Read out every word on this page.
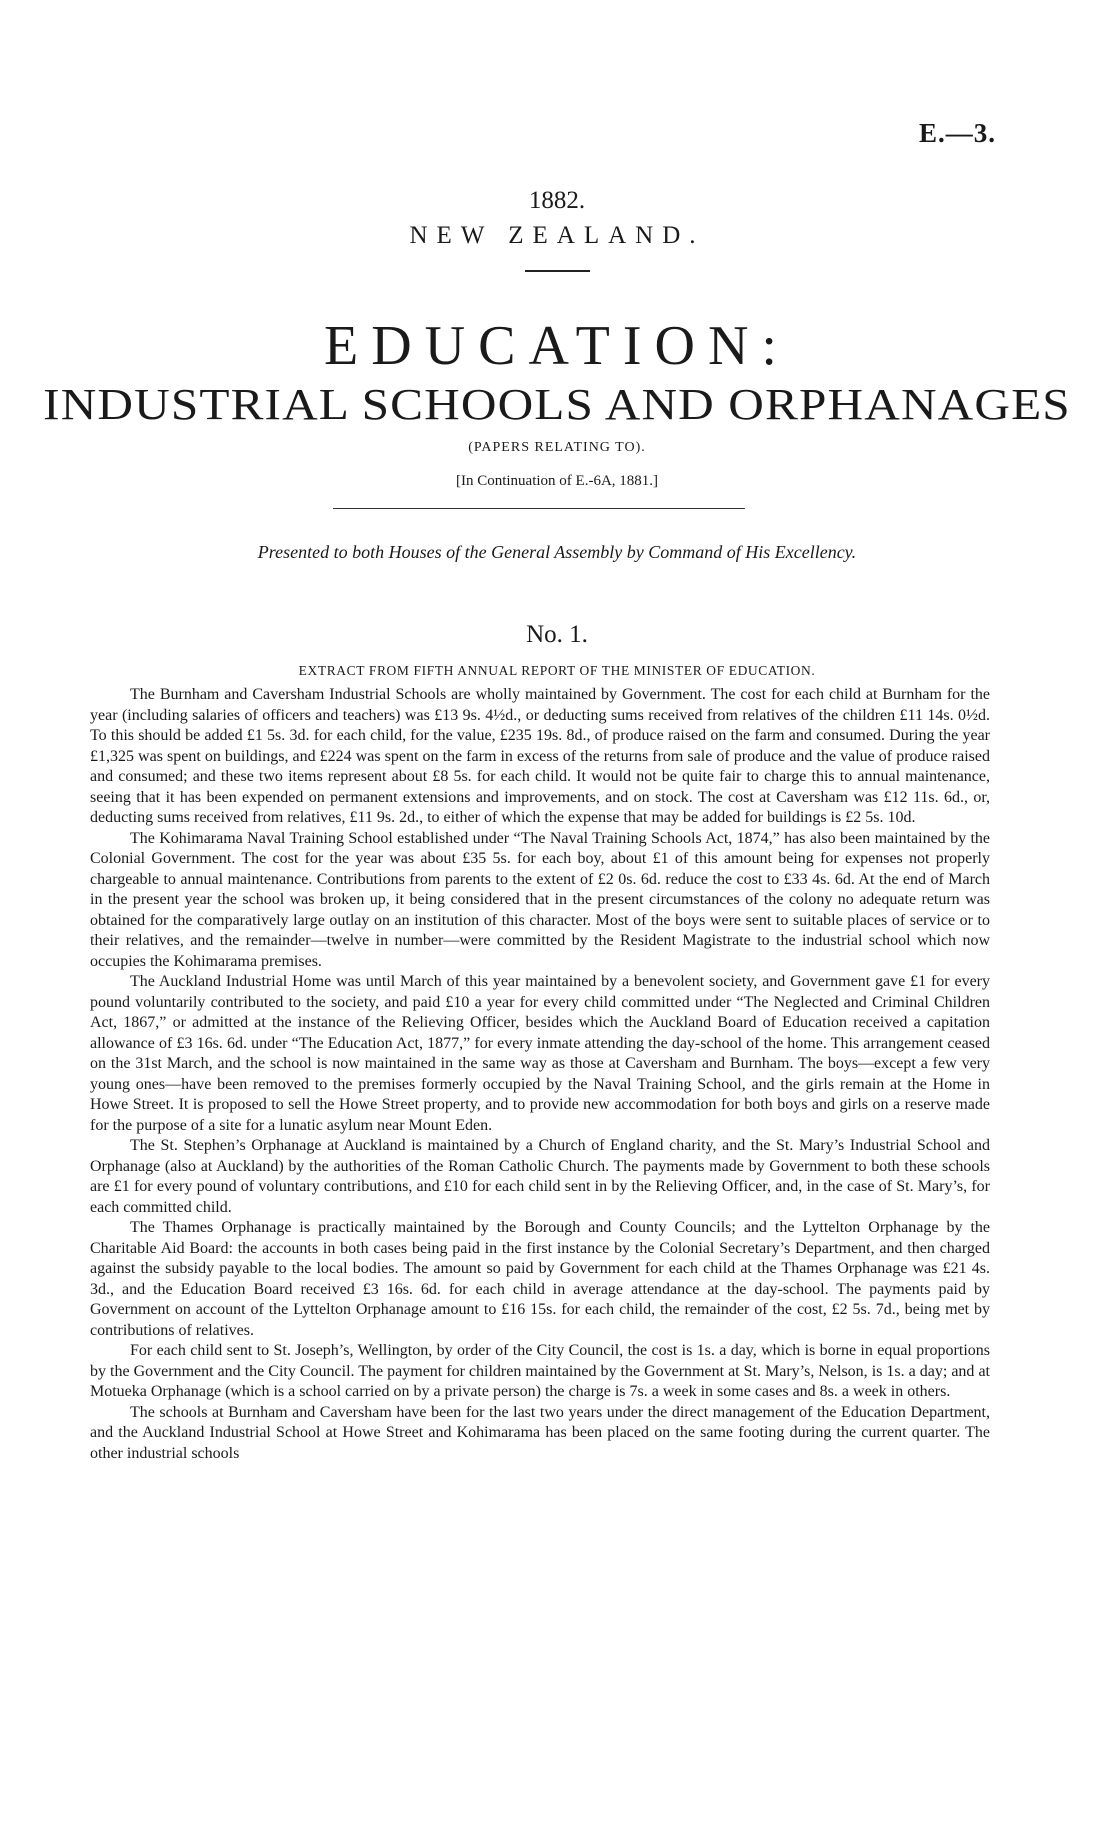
E.—3.
1882.
NEW ZEALAND.
EDUCATION:
INDUSTRIAL SCHOOLS AND ORPHANAGES
(PAPERS RELATING TO).
[In Continuation of E.-6A, 1881.]
Presented to both Houses of the General Assembly by Command of His Excellency.
No. 1.
EXTRACT FROM FIFTH ANNUAL REPORT OF THE MINISTER OF EDUCATION.

The Burnham and Caversham Industrial Schools are wholly maintained by Government. The cost for each child at Burnham for the year (including salaries of officers and teachers) was £13 9s. 4½d., or deducting sums received from relatives of the children £11 14s. 0½d. To this should be added £1 5s. 3d. for each child, for the value, £235 19s. 8d., of produce raised on the farm and consumed. During the year £1,325 was spent on buildings, and £224 was spent on the farm in excess of the returns from sale of produce and the value of produce raised and consumed; and these two items represent about £8 5s. for each child. It would not be quite fair to charge this to annual maintenance, seeing that it has been expended on permanent extensions and improvements, and on stock. The cost at Caversham was £12 11s. 6d., or, deducting sums received from relatives, £11 9s. 2d., to either of which the expense that may be added for buildings is £2 5s. 10d.

The Kohimarama Naval Training School established under “The Naval Training Schools Act, 1874,” has also been maintained by the Colonial Government. The cost for the year was about £35 5s. for each boy, about £1 of this amount being for expenses not properly chargeable to annual maintenance. Contributions from parents to the extent of £2 0s. 6d. reduce the cost to £33 4s. 6d. At the end of March in the present year the school was broken up, it being considered that in the present circumstances of the colony no adequate return was obtained for the comparatively large outlay on an institution of this character. Most of the boys were sent to suitable places of service or to their relatives, and the remainder—twelve in number—were committed by the Resident Magistrate to the industrial school which now occupies the Kohimarama premises.

The Auckland Industrial Home was until March of this year maintained by a benevolent society, and Government gave £1 for every pound voluntarily contributed to the society, and paid £10 a year for every child committed under “The Neglected and Criminal Children Act, 1867,” or admitted at the instance of the Relieving Officer, besides which the Auckland Board of Education received a capitation allowance of £3 16s. 6d. under “The Education Act, 1877,” for every inmate attending the day-school of the home. This arrangement ceased on the 31st March, and the school is now maintained in the same way as those at Caversham and Burnham. The boys—except a few very young ones—have been removed to the premises formerly occupied by the Naval Training School, and the girls remain at the Home in Howe Street. It is proposed to sell the Howe Street property, and to provide new accommodation for both boys and girls on a reserve made for the purpose of a site for a lunatic asylum near Mount Eden.

The St. Stephen’s Orphanage at Auckland is maintained by a Church of England charity, and the St. Mary’s Industrial School and Orphanage (also at Auckland) by the authorities of the Roman Catholic Church. The payments made by Government to both these schools are £1 for every pound of voluntary contributions, and £10 for each child sent in by the Relieving Officer, and, in the case of St. Mary’s, for each committed child.

The Thames Orphanage is practically maintained by the Borough and County Councils; and the Lyttelton Orphanage by the Charitable Aid Board: the accounts in both cases being paid in the first instance by the Colonial Secretary’s Department, and then charged against the subsidy payable to the local bodies. The amount so paid by Government for each child at the Thames Orphanage was £21 4s. 3d., and the Education Board received £3 16s. 6d. for each child in average attendance at the day-school. The payments paid by Government on account of the Lyttelton Orphanage amount to £16 15s. for each child, the remainder of the cost, £2 5s. 7d., being met by contributions of relatives.

For each child sent to St. Joseph’s, Wellington, by order of the City Council, the cost is 1s. a day, which is borne in equal proportions by the Government and the City Council. The payment for children maintained by the Government at St. Mary’s, Nelson, is 1s. a day; and at Motueka Orphanage (which is a school carried on by a private person) the charge is 7s. a week in some cases and 8s. a week in others.

The schools at Burnham and Caversham have been for the last two years under the direct management of the Education Department, and the Auckland Industrial School at Howe Street and Kohimarama has been placed on the same footing during the current quarter. The other industrial schools
